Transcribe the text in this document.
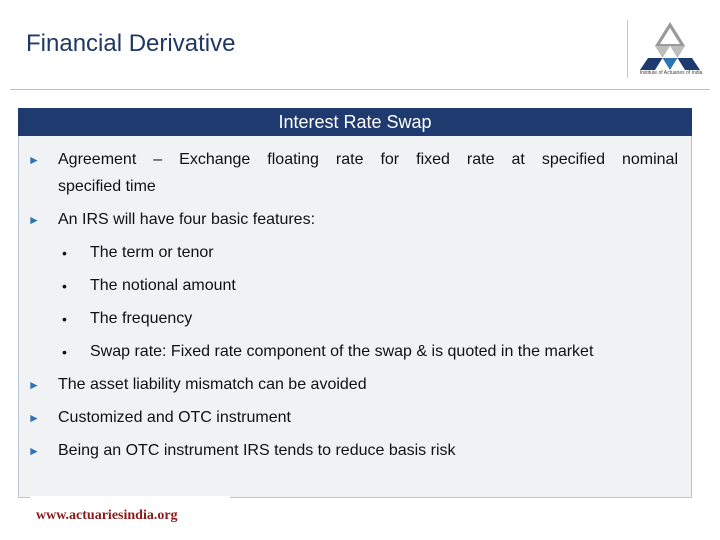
Financial Derivative
Institute of Actuaries of India
Interest Rate Swap
► Agreement – Exchange floating rate for fixed rate at specified nominal
specified time
► An IRS will have four basic features:
• The term or tenor
• The notional amount
• The frequency
• Swap rate: Fixed rate component of the swap & is quoted in the market
► The asset liability mismatch can be avoided
► Customized and OTC instrument
► Being an OTC instrument IRS tends to reduce basis risk
www.actuariesindia.org
